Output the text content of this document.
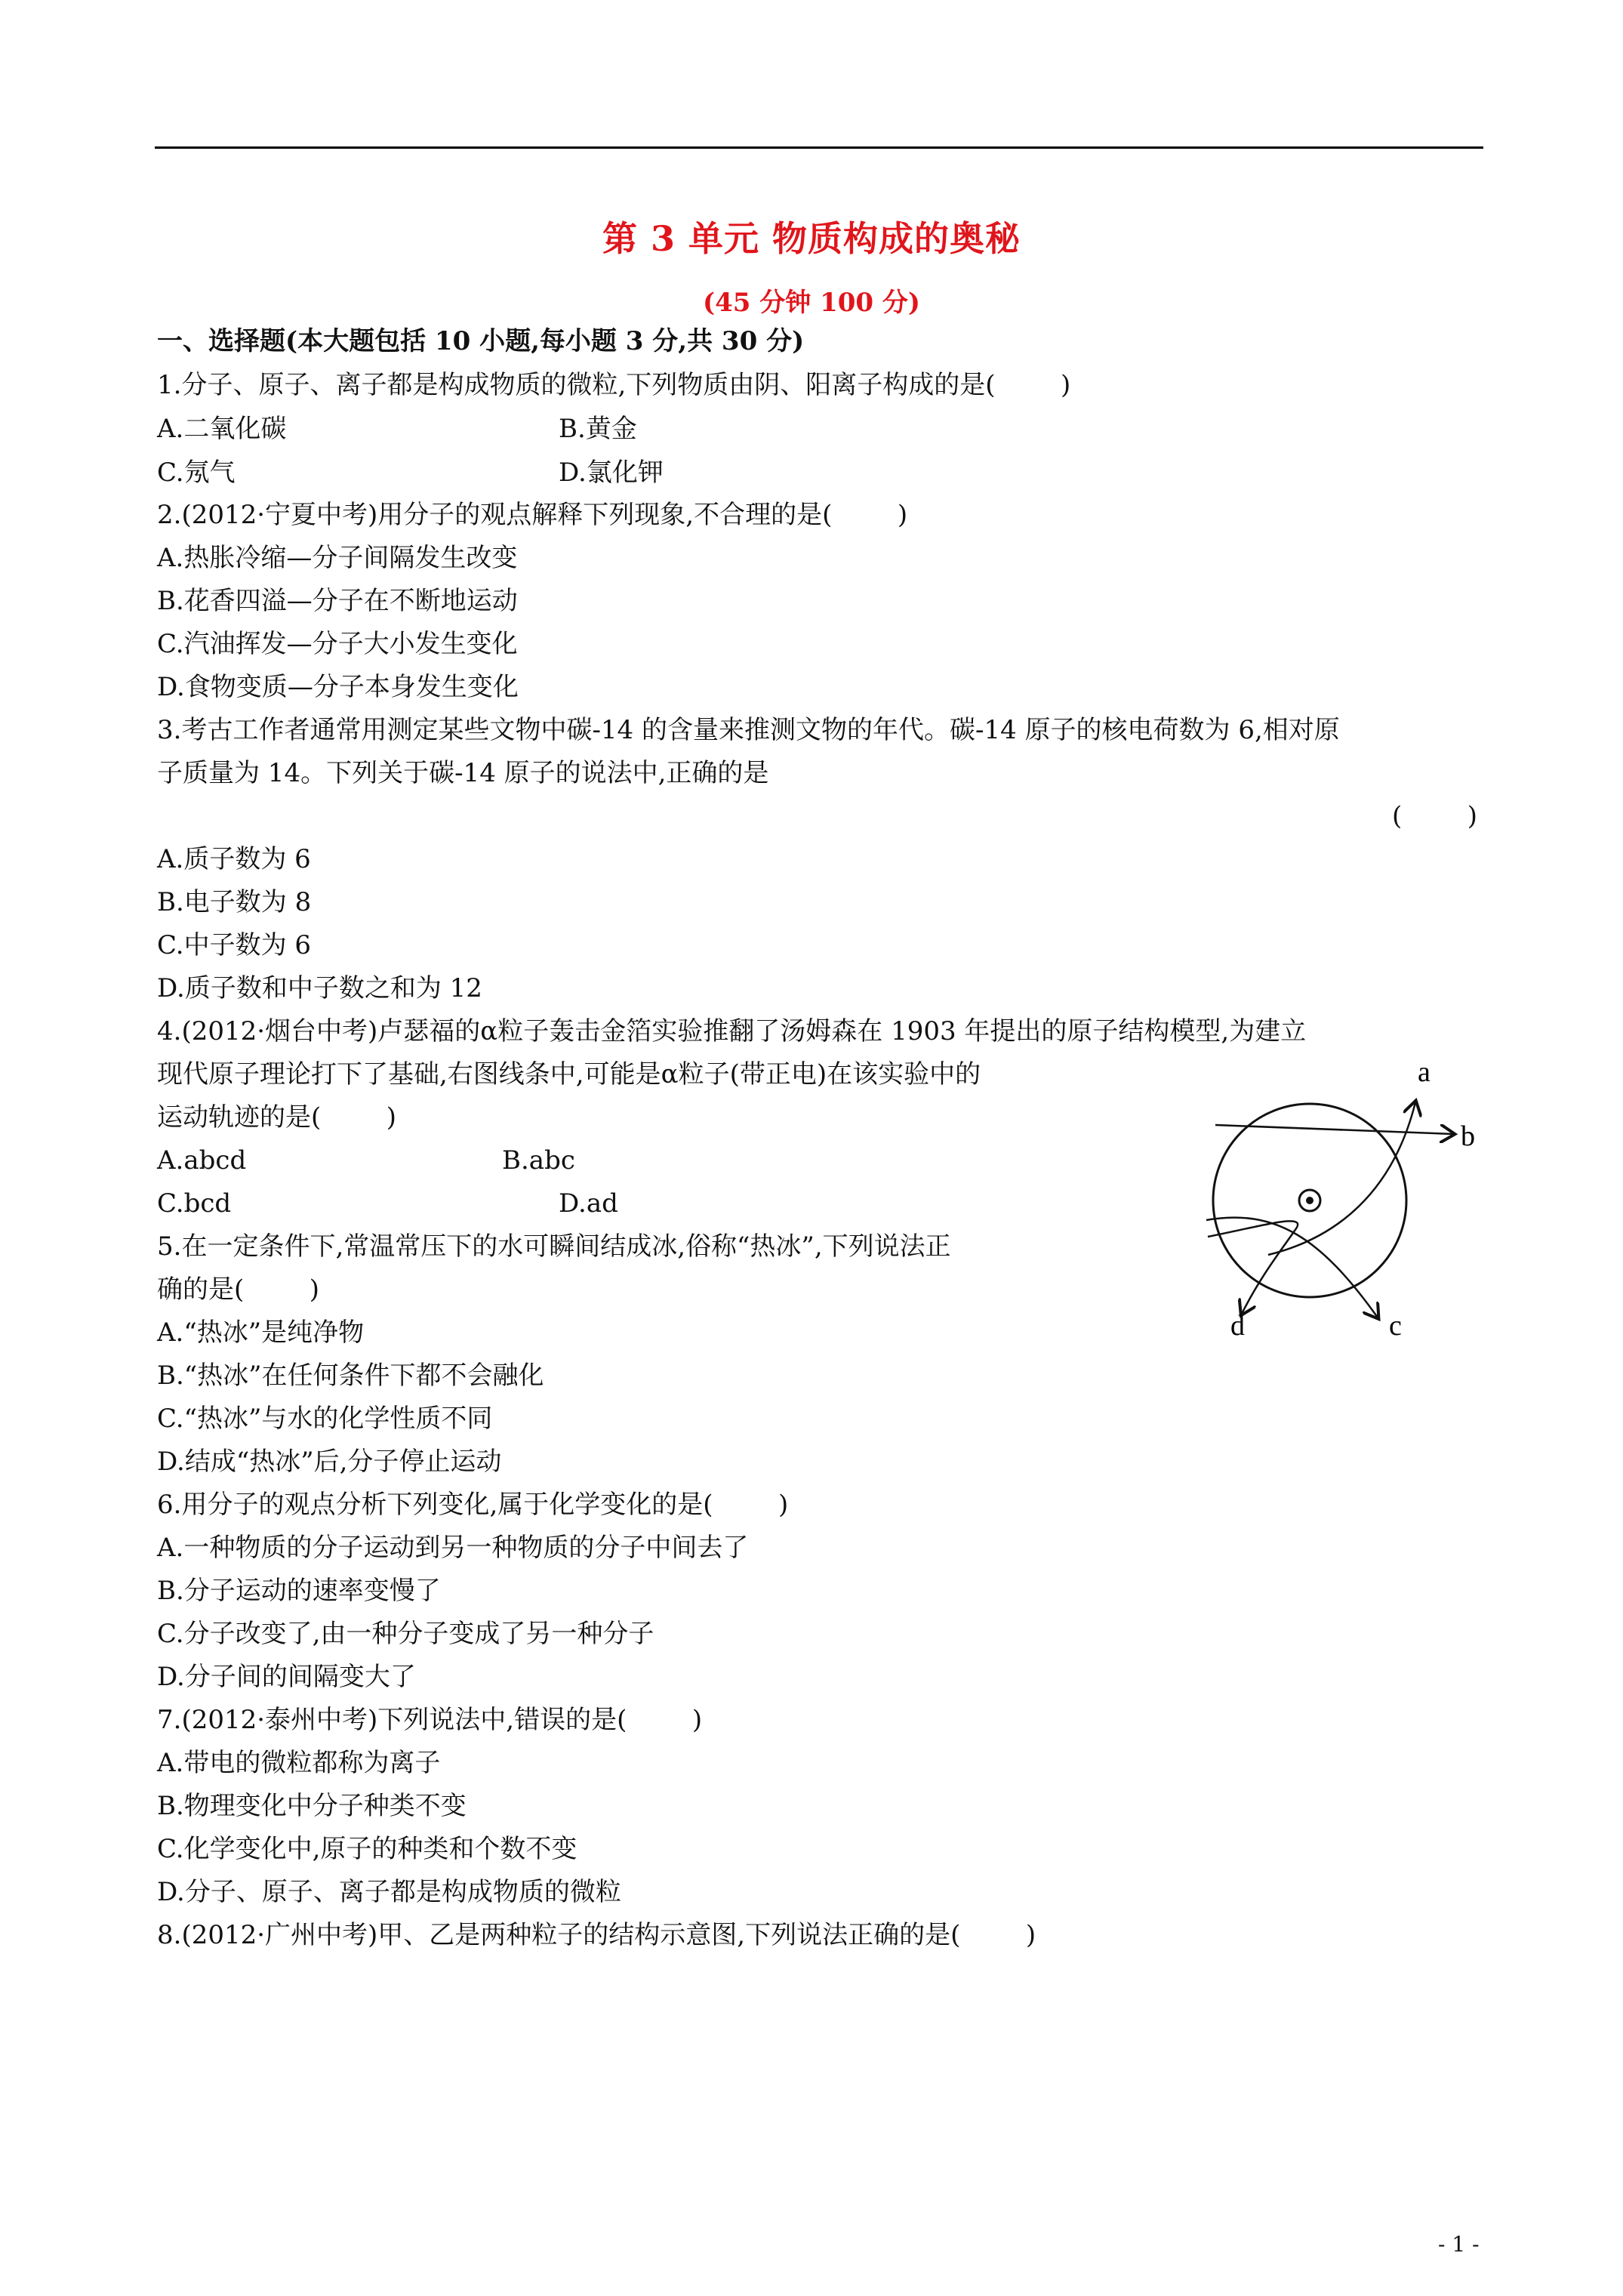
第 3 单元 物质构成的奥秘
(45 分钟 100 分)
一、选择题(本大题包括 10 小题,每小题 3 分,共 30 分)
1.分子、原子、离子都是构成物质的微粒,下列物质由阴、阳离子构成的是(        )
A.二氧化碳	B.黄金
C.氖气	D.氯化钾
2.(2012·宁夏中考)用分子的观点解释下列现象,不合理的是(        )
A.热胀冷缩—分子间隔发生改变
B.花香四溢—分子在不断地运动
C.汽油挥发—分子大小发生变化
D.食物变质—分子本身发生变化
3.考古工作者通常用测定某些文物中碳-14 的含量来推测文物的年代。碳-14 原子的核电荷数为 6,相对原
子质量为 14。下列关于碳-14 原子的说法中,正确的是
(        )
A.质子数为 6
B.电子数为 8
C.中子数为 6
D.质子数和中子数之和为 12
4.(2012·烟台中考)卢瑟福的α粒子轰击金箔实验推翻了汤姆森在 1903 年提出的原子结构模型,为建立
现代原子理论打下了基础,右图线条中,可能是α粒子(带正电)在该实验中的
运动轨迹的是(        )
A.abcd	B.abc
C.bcd	D.ad
a
b
c
d
5.在一定条件下,常温常压下的水可瞬间结成冰,俗称“热冰”,下列说法正
确的是(        )
A.“热冰”是纯净物
B.“热冰”在任何条件下都不会融化
C.“热冰”与水的化学性质不同
D.结成“热冰”后,分子停止运动
6.用分子的观点分析下列变化,属于化学变化的是(        )
A.一种物质的分子运动到另一种物质的分子中间去了
B.分子运动的速率变慢了
C.分子改变了,由一种分子变成了另一种分子
D.分子间的间隔变大了
7.(2012·泰州中考)下列说法中,错误的是(        )
A.带电的微粒都称为离子
B.物理变化中分子种类不变
C.化学变化中,原子的种类和个数不变
D.分子、原子、离子都是构成物质的微粒
8.(2012·广州中考)甲、乙是两种粒子的结构示意图,下列说法正确的是(        )
- 1 -
